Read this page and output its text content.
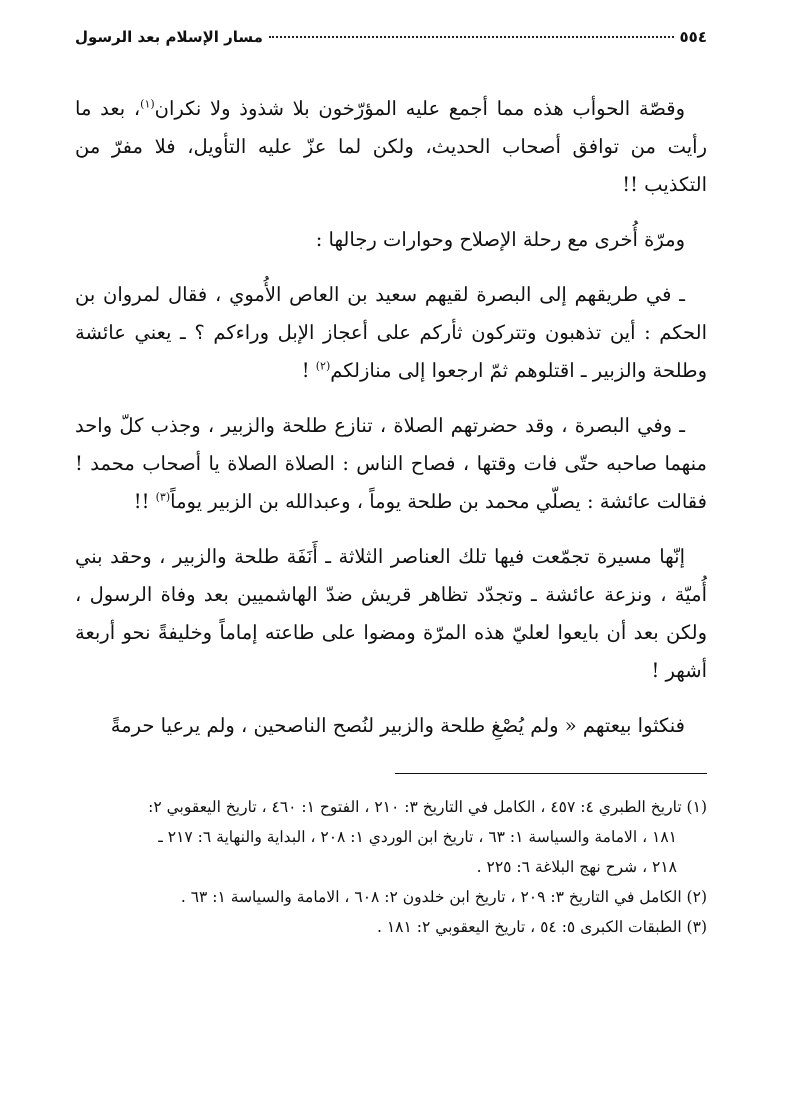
٥٥٤
مسار الإسلام بعد الرسول

وقصّة الحوأب هذه مما أجمع عليه المؤرّخون بلا شذوذ ولا نكران$^{(١)}$، بعد ما رأيت من توافق أصحاب الحديث، ولكن لما عزّ عليه التأويل، فلا مفرّ من التكذيب !!

ومرّة أُخرى مع رحلة الإصلاح وحوارات رجالها :

ـ في طريقهم إلى البصرة لقيهم سعيد بن العاص الأُموي ، فقال لمروان بن الحكم : أين تذهبون وتتركون ثأركم على أعجاز الإبل وراءكم ؟ ـ يعني عائشة وطلحة والزبير ـ اقتلوهم ثمّ ارجعوا إلى منازلكم$^{(٢)}$ !

ـ وفي البصرة ، وقد حضرتهم الصلاة ، تنازع طلحة والزبير ، وجذب كلّ واحد منهما صاحبه حتّى فات وقتها ، فصاح الناس : الصلاة الصلاة يا أصحاب محمد ! فقالت عائشة : يصلّي محمد بن طلحة يوماً ، وعبدالله بن الزبير يوماً$^{(٣)}$ !!

إنّها مسيرة تجمّعت فيها تلك العناصر الثلاثة ـ أَنَفَة طلحة والزبير ، وحقد بني أُميّة ، ونزعة عائشة ـ وتجدّد تظاهر قريش ضدّ الهاشميين بعد وفاة الرسول ، ولكن بعد أن بايعوا لعليّ هذه المرّة ومضوا على طاعته إماماً وخليفةً نحو أربعة أشهر !

فنكثوا بيعتهم « ولم يُصْغِ طلحة والزبير لنُصح الناصحين ، ولم يرعيا حرمةً

(١) تاريخ الطبري ٤: ٤٥٧ ، الكامل في التاريخ ٣: ٢١٠ ، الفتوح ١: ٤٦٠ ، تاريخ اليعقوبي ٢:
١٨١ ، الامامة والسياسة ١: ٦٣ ، تاريخ ابن الوردي ١: ٢٠٨ ، البداية والنهاية ٦: ٢١٧ ـ
٢١٨ ، شرح نهج البلاغة ٦: ٢٢٥ .
(٢) الكامل في التاريخ ٣: ٢٠٩ ، تاريخ ابن خلدون ٢: ٦٠٨ ، الامامة والسياسة ١: ٦٣ .
(٣) الطبقات الكبرى ٥: ٥٤ ، تاريخ اليعقوبي ٢: ١٨١ .
